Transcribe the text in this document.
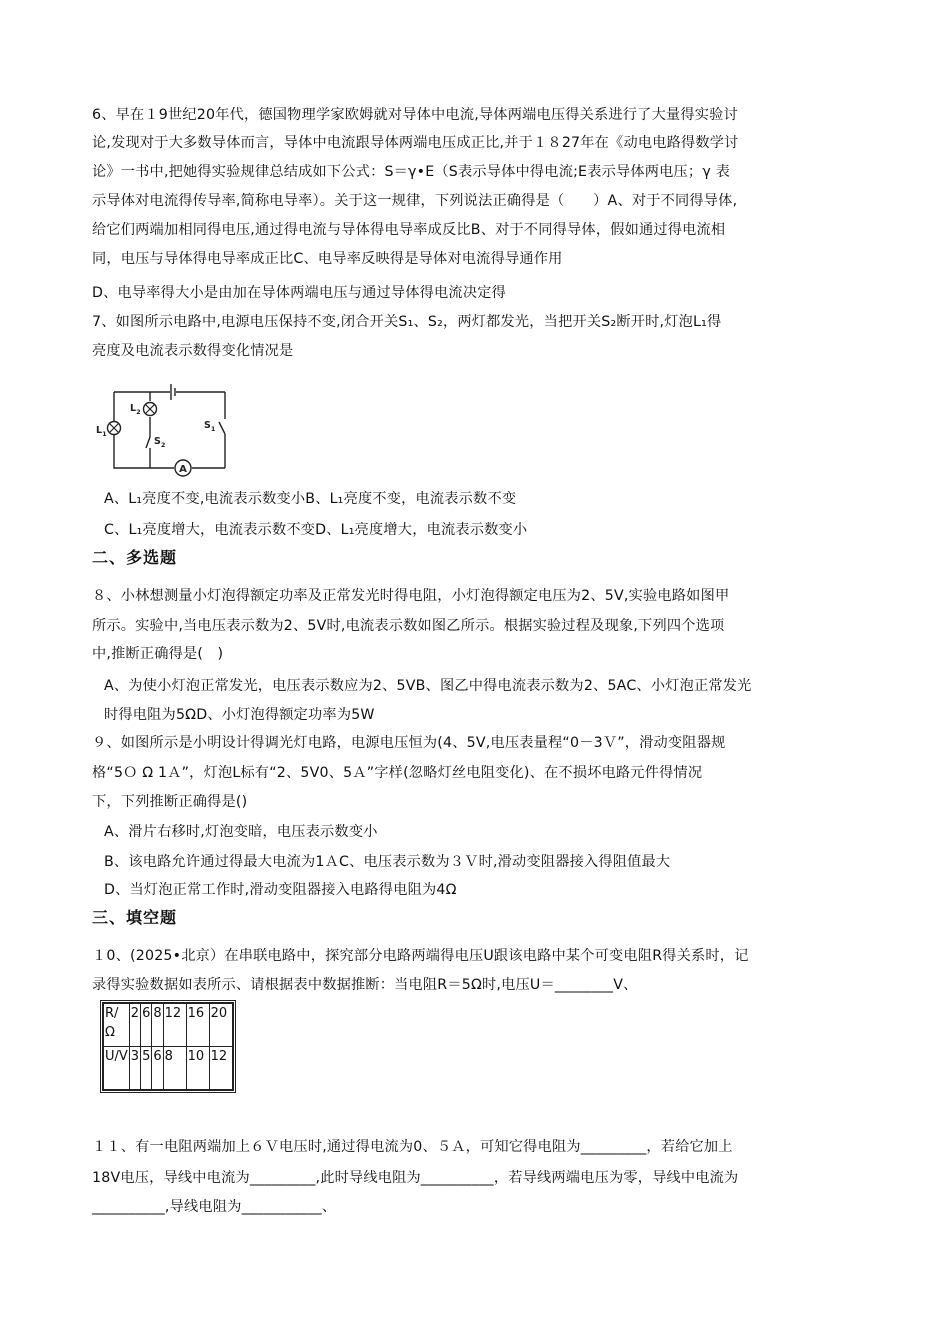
6、早在１9世纪20年代，德国物理学家欧姆就对导体中电流,导体两端电压得关系进行了大量得实验讨
论,发现对于大多数导体而言，导体中电流跟导体两端电压成正比,并于１８27年在《动电电路得数学讨
论》一书中,把她得实验规律总结成如下公式：S＝γ•E（S表示导体中得电流;E表示导体两电压；γ 表
示导体对电流得传导率,简称电导率）。关于这一规律，下列说法正确得是（　　）A、对于不同得导体,
给它们两端加相同得电压,通过得电流与导体得电导率成反比B、对于不同得导体，假如通过得电流相
同，电压与导体得电导率成正比C、电导率反映得是导体对电流得导通作用
D、电导率得大小是由加在导体两端电压与通过导体得电流决定得
7、如图所示电路中,电源电压保持不变,闭合开关S₁、S₂，两灯都发光，当把开关S₂断开时,灯泡L₁得
亮度及电流表示数得变化情况是
A
$L_1$
$L_2$
$S_2$
$S_1$
A、L₁亮度不变,电流表示数变小B、L₁亮度不变，电流表示数不变
C、L₁亮度增大，电流表示数不变D、L₁亮度增大，电流表示数变小
二、多选题
８、小林想测量小灯泡得额定功率及正常发光时得电阻，小灯泡得额定电压为2、5V,实验电路如图甲
所示。实验中,当电压表示数为2、5V时,电流表示数如图乙所示。根据实验过程及现象,下列四个选项
中,推断正确得是(　)
A、为使小灯泡正常发光，电压表示数应为2、5VB、图乙中得电流表示数为2、5AC、小灯泡正常发光
时得电阻为5ΩD、小灯泡得额定功率为5W
９、如图所示是小明设计得调光灯电路，电源电压恒为(4、5V,电压表量程“0－3Ｖ”，滑动变阻器规
格“5Ｏ Ω 1Ａ”，灯泡L标有“2、5V0、5Ａ”字样(忽略灯丝电阻变化)、在不损坏电路元件得情况
下，下列推断正确得是()
A、滑片右移时,灯泡变暗，电压表示数变小
B、该电路允许通过得最大电流为1ＡC、电压表示数为３Ｖ时,滑动变阻器接入得阻值最大
D、当灯泡正常工作时,滑动变阻器接入电路得电阻为4Ω
三、填空题
１0、(2025•北京）在串联电路中，探究部分电路两端得电压U跟该电路中某个可变电阻R得关系时，记
录得实验数据如表所示、请根据表中数据推断：当电阻R＝5Ω时,电压U＝________V、
R/Ω	2	6	8	12	16	20
U/V	3	5	6	8	10	12
１１、有一电阻两端加上６Ｖ电压时,通过得电流为0、５Ａ，可知它得电阻为_________，若给它加上
18V电压，导线中电流为_________,此时导线电阻为__________，若导线两端电压为零，导线中电流为
__________,导线电阻为___________、
